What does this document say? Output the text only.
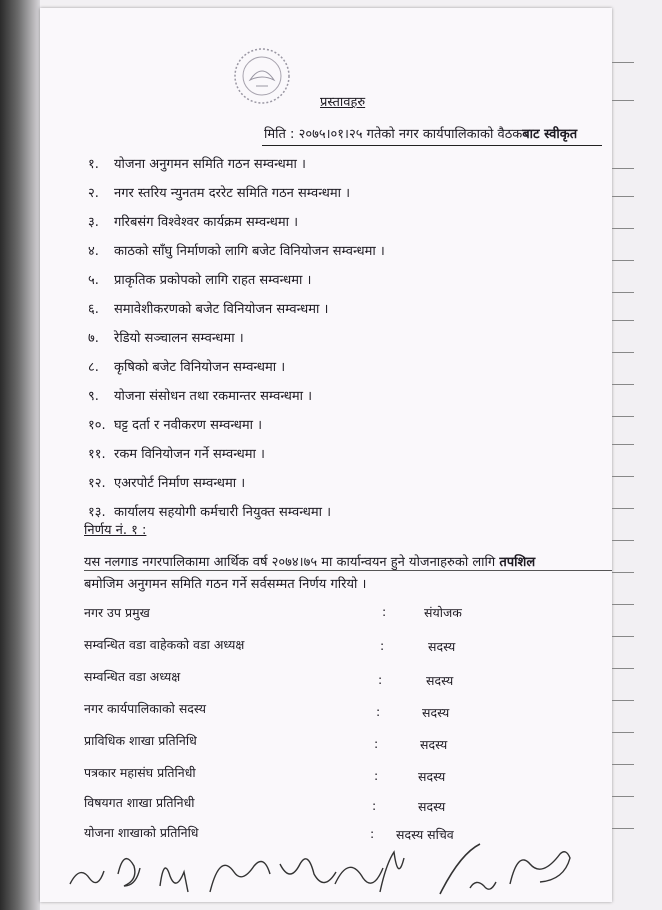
प्रस्तावहरु
मिति : २०७५।०१।२५ गतेको नगर कार्यपालिकाको वैठकबाट स्वीकृत
१. योजना अनुगमन समिति गठन सम्वन्धमा ।
२. नगर स्तरिय न्युनतम दररेट समिति गठन सम्वन्धमा ।
३. गरिबसंग विश्वेश्वर कार्यक्रम सम्वन्धमा ।
४. काठको साँघु निर्माणको लागि बजेट विनियोजन सम्वन्धमा ।
५. प्राकृतिक प्रकोपको लागि राहत सम्वन्धमा ।
६. समावेशीकरणको बजेट विनियोजन सम्वन्धमा ।
७. रेडियो सञ्चालन सम्वन्धमा ।
८. कृषिको बजेट विनियोजन सम्वन्धमा ।
९. योजना संसोधन तथा रकमान्तर सम्वन्धमा ।
१०. घट्ट दर्ता र नवीकरण सम्वन्धमा ।
११. रकम विनियोजन गर्ने सम्वन्धमा ।
१२. एअरपोर्ट निर्माण सम्वन्धमा ।
१३. कार्यालय सहयोगी कर्मचारी नियुक्त सम्वन्धमा ।
निर्णय नं. १ :
यस नलगाड नगरपालिकामा आर्थिक वर्ष २०७४।७५ मा कार्यान्वयन हुने योजनाहरुको लागि तपशिल
बमोजिम अनुगमन समिति गठन गर्ने सर्वसम्मत निर्णय गरियो ।
नगर उप प्रमुख	:	संयोजक
सम्वन्धित वडा वाहेकको वडा अध्यक्ष	:	सदस्य
सम्वन्धित वडा अध्यक्ष	:	सदस्य
नगर कार्यपालिकाको सदस्य	:	सदस्य
प्राविधिक शाखा प्रतिनिधि	:	सदस्य
पत्रकार महासंघ प्रतिनिधी	:	सदस्य
विषयगत शाखा प्रतिनिधी	:	सदस्य
योजना शाखाको प्रतिनिधि	: सदस्य सचिव
